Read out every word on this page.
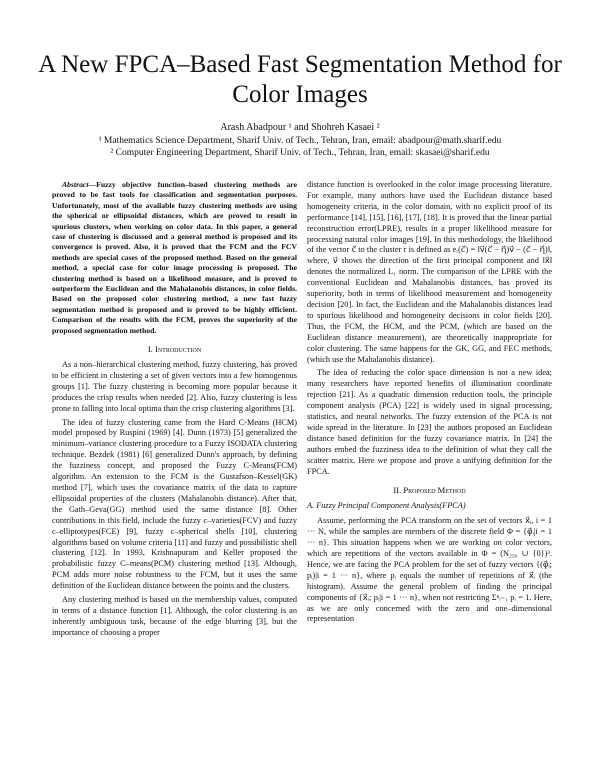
A New FPCA–Based Fast Segmentation Method for Color Images
Arash Abadpour ¹ and Shohreh Kasaei ²
¹ Mathematics Science Department, Sharif Univ. of Tech., Tehran, Iran, email: abadpour@math.sharif.edu
² Computer Engineering Department, Sharif Univ. of Tech., Tehran, Iran, email: skasaei@sharif.edu

Abstract—Fuzzy objective function–based clustering methods are proved to be fast tools for classification and segmentation purposes. Unfortunately, most of the available fuzzy clustering methods are using the spherical or ellipsoidal distances, which are proved to result in spurious clusters, when working on color data. In this paper, a general case of clustering is discussed and a general method is proposed and its convergence is proved. Also, it is proved that the FCM and the FCV methods are special cases of the proposed method. Based on the general method, a special case for color image processing is proposed. The clustering method is based on a likelihood measure, and is proved to outperform the Euclidean and the Mahalanobis distances, in color fields. Based on the proposed color clustering method, a new fast fuzzy segmentation method is proposed and is proved to be highly efficient. Comparison of the results with the FCM, proves the superiority of the proposed segmentation method.

I. Introduction

As a non–hierarchical clustering method, fuzzy clustering, has proved to be efficient in clustering a set of given vectors into a few homogenous groups [1]. The fuzzy clustering is becoming more popular because it produces the crisp results when needed [2]. Also, fuzzy clustering is less prone to falling into local optima than the crisp clustering algorithms [3].

The idea of fuzzy clustering came from the Hard C-Means (HCM) model proposed by Ruspini (1969) [4]. Dunn (1973) [5] generalized the minimum–variance clustering procedure to a Fuzzy ISODATA clustering technique. Bezdek (1981) [6] generalized Dunn's approach, by defining the fuzziness concept, and proposed the Fuzzy C-Means(FCM) algorithm. An extension to the FCM is the Gustafson–Kessel(GK) method [7], which uses the covariance matrix of the data to capture ellipsoidal properties of the clusters (Mahalanobis distance). After that, the Gath–Geva(GG) method used the same distance [8]. Other contributions in this field, include the fuzzy c–varieties(FCV) and fuzzy c–elliptotypes(FCE) [9], fuzzy c–spherical shells [10], clustering algorithms based on volume criteria [11] and fuzzy and possibilistic shell clustering [12]. In 1993, Krishnapuram and Keller proposed the probabilistic fuzzy C–means(PCM) clustering method [13]. Although, PCM adds more noise robustness to the FCM, but it uses the same definition of the Euclidean distance between the points and the clusters.

Any clustering method is based on the membership values, computed in terms of a distance function [1]. Although, the color clustering is an inherently ambiguous task, because of the edge blurring [3], but the importance of choosing a proper

distance function is overlooked in the color image processing literature. For example, many authors have used the Euclidean distance based homogeneity criteria, in the color domain, with no explicit proof of its performance [14], [15], [16], [17], [18]. It is proved that the linear partial reconstruction error(LPRE), results in a proper likelihood measure for processing natural color images [19]. In this methodology, the likelihood of the vector c⃗ to the cluster r is defined as eᵣ(c⃗) = ‖v⃗(c⃗ − η⃗)v⃗ − (c⃗ − η⃗)‖, where, v⃗ shows the direction of the first principal component and ‖x⃗‖ denotes the normalized L₁ norm. The comparison of the LPRE with the conventional Euclidean and Mahalanobis distances, has proved its superiority, both in terms of likelihood measurement and homogeneity decision [20]. In fact, the Euclidean and the Mahalanobis distances lead to spurious likelihood and homogeneity decisions in color fields [20]. Thus, the FCM, the HCM, and the PCM, (which are based on the Euclidean distance measurement), are theoretically inappropriate for color clustering. The same happens for the GK, GG, and FEC methods, (which use the Mahalanobis distance).

The idea of reducing the color space dimension is not a new idea; many researchers have reported benefits of illumination coordinate rejection [21]. As a quadratic dimension reduction tools, the principle component analysis (PCA) [22] is widely used in signal processing, statistics, and neural networks. The fuzzy extension of the PCA is not wide spread in the literature. In [23] the authors proposed an Euclidean distance based definition for the fuzzy covariance matrix. In [24] the authors embed the fuzziness idea to the definition of what they call the scatter matrix. Here we propose and prove a unifying definition for the FPCA.

II. Proposed Method
A. Fuzzy Principal Component Analysis(FPCA)

Assume, performing the PCA transform on the set of vectors x⃗ᵢ, i = 1 ··· N, while the samples are members of the discrete field Φ = {φ⃗ᵢ|i = 1 ··· n}. This situation happens when we are working on color vectors, which are repetitions of the vectors available in Φ = (N₂₅₆ ∪ {0})³. Hence, we are facing the PCA problem for the set of fuzzy vectors {(φ⃗ᵢ; pᵢ)|i = 1 ··· n}, where pᵢ equals the number of repetitions of x⃗ᵢ (the histogram). Assume the general problem of finding the principal components of {x⃗ᵢ; pᵢ|i = 1 ··· n}, when not restricting Σⁿᵢ₌₁ pᵢ = 1. Here, as we are only concerned with the zero and one–dimensional representation
